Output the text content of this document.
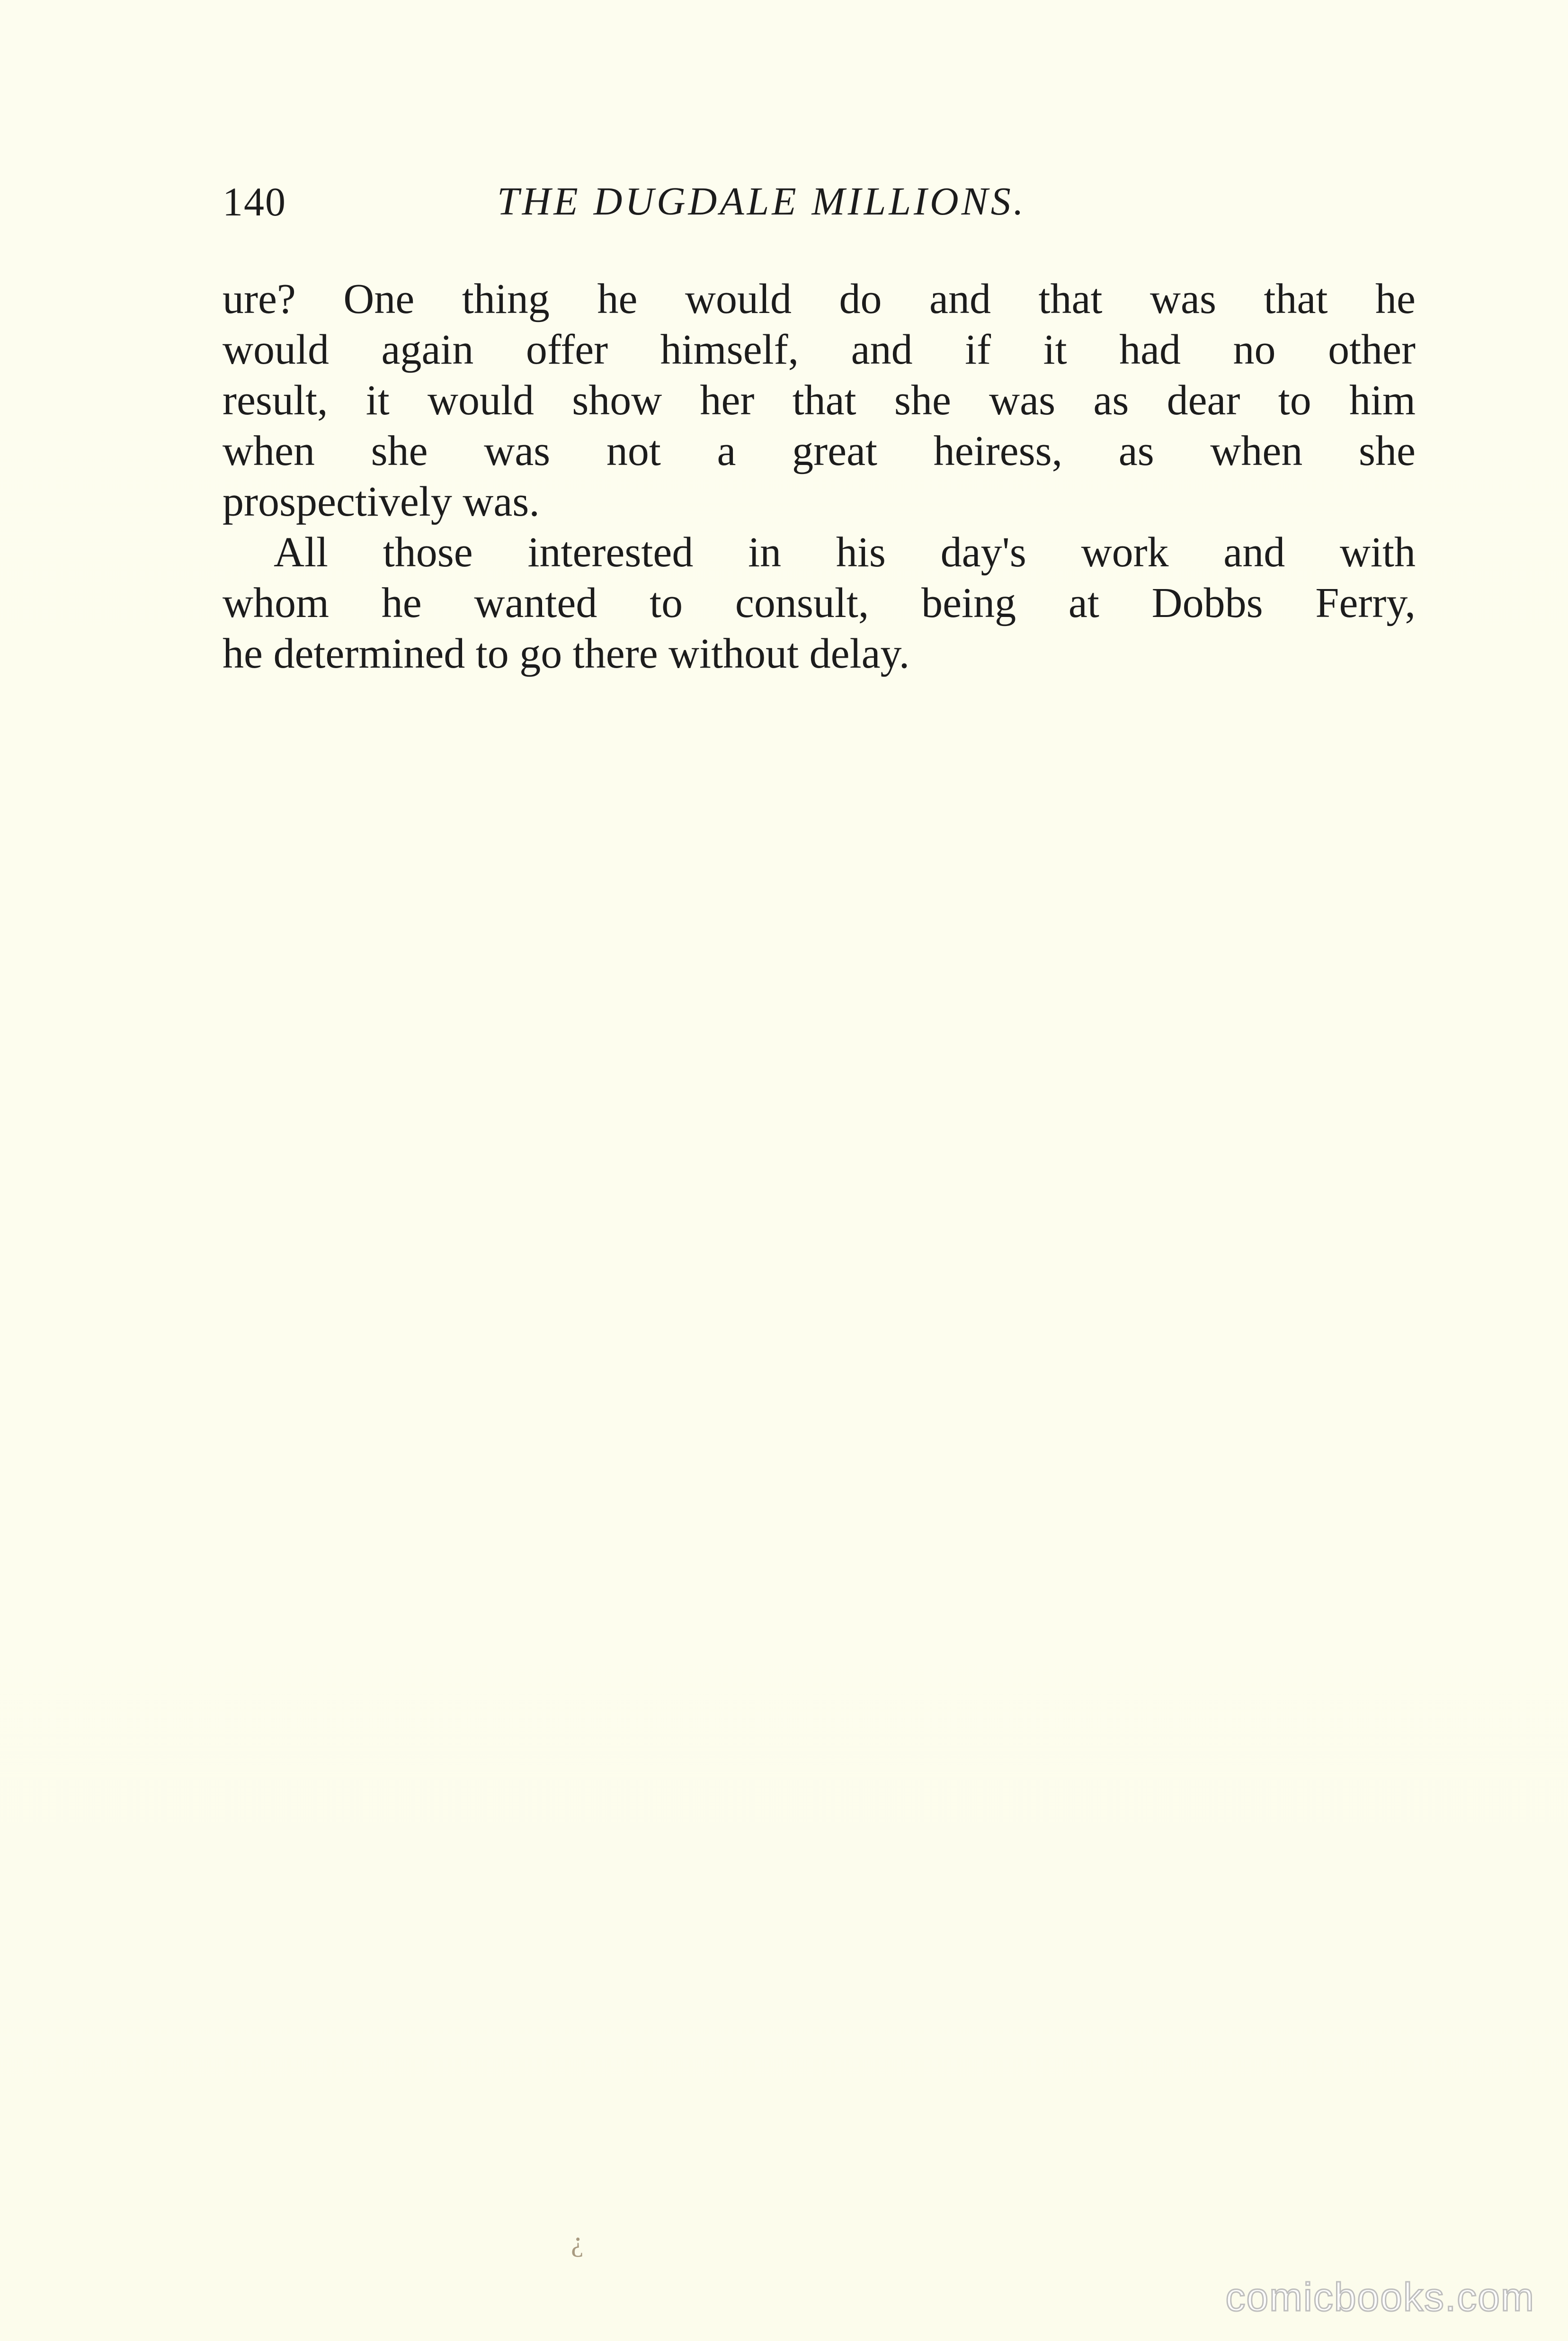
140	THE DUGDALE MILLIONS.
ure? One thing he would do and that was that he
would again offer himself, and if it had no other
result, it would show her that she was as dear to him
when she was not a great heiress, as when she
prospectively was.
All those interested in his day's work and with
whom he wanted to consult, being at Dobbs Ferry,
he determined to go there without delay.
¿
comicbooks.com
